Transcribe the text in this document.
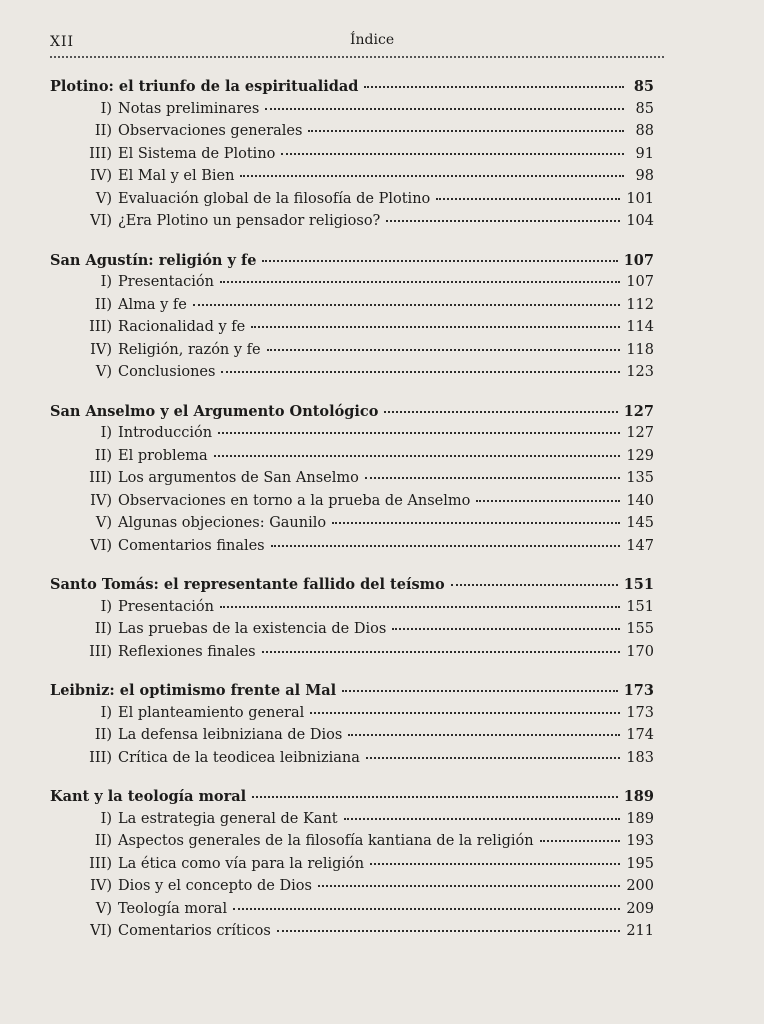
XII	Índice
Plotino: el triunfo de la espiritualidad	85
I) Notas preliminares	85
II) Observaciones generales	88
III) El Sistema de Plotino	91
IV) El Mal y el Bien	98
V) Evaluación global de la filosofía de Plotino	101
VI) ¿Era Plotino un pensador religioso?	104
San Agustín: religión y fe	107
I) Presentación	107
II) Alma y fe	112
III) Racionalidad y fe	114
IV) Religión, razón y fe	118
V) Conclusiones	123
San Anselmo y el Argumento Ontológico	127
I) Introducción	127
II) El problema	129
III) Los argumentos de San Anselmo	135
IV) Observaciones en torno a la prueba de Anselmo	140
V) Algunas objeciones: Gaunilo	145
VI) Comentarios finales	147
Santo Tomás: el representante fallido del teísmo	151
I) Presentación	151
II) Las pruebas de la existencia de Dios	155
III) Reflexiones finales	170
Leibniz: el optimismo frente al Mal	173
I) El planteamiento general	173
II) La defensa leibniziana de Dios	174
III) Crítica de la teodicea leibniziana	183
Kant y la teología moral	189
I) La estrategia general de Kant	189
II) Aspectos generales de la filosofía kantiana de la religión	193
III) La ética como vía para la religión	195
IV) Dios y el concepto de Dios	200
V) Teología moral	209
VI) Comentarios críticos	211
